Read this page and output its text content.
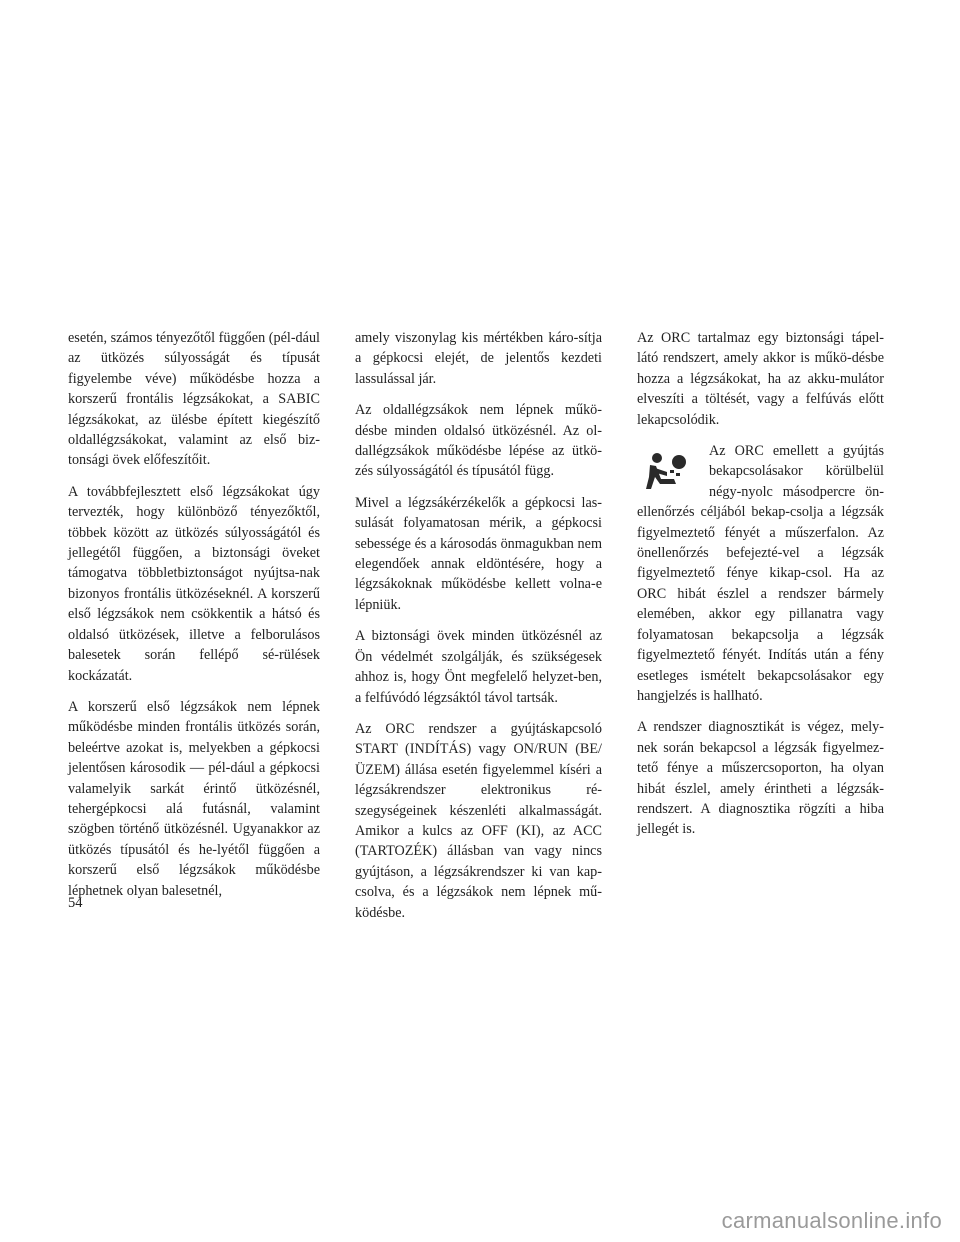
esetén, számos tényezőtől függően (pél-dául az ütközés súlyosságát és típusát figyelembe véve) működésbe hozza a korszerű frontális légzsákokat, a SABIC légzsákokat, az ülésbe épített kiegészítő oldallégzsákokat, valamint az első biz-tonsági övek előfeszítőit.

A továbbfejlesztett első légzsákokat úgy tervezték, hogy különböző tényezőktől, többek között az ütközés súlyosságától és jellegétől függően, a biztonsági öveket támogatva többletbiztonságot nyújtsa-nak bizonyos frontális ütközéseknél. A korszerű első légzsákok nem csökkentik a hátsó és oldalsó ütközések, illetve a felborulásos balesetek során fellépő sé-rülések kockázatát.

A korszerű első légzsákok nem lépnek működésbe minden frontális ütközés során, beleértve azokat is, melyekben a gépkocsi jelentősen károsodik — pél-dául a gépkocsi valamelyik sarkát érintő ütközésnél, tehergépkocsi alá futásnál, valamint szögben történő ütközésnél. Ugyanakkor az ütközés típusától és he-lyétől függően a korszerű első légzsákok működésbe léphetnek olyan balesetnél,

amely viszonylag kis mértékben káro-sítja a gépkocsi elejét, de jelentős kezdeti lassulással jár.

Az oldallégzsákok nem lépnek műkö-désbe minden oldalsó ütközésnél. Az ol-dallégzsákok működésbe lépése az ütkö-zés súlyosságától és típusától függ.

Mivel a légzsákérzékelők a gépkocsi las-sulását folyamatosan mérik, a gépkocsi sebessége és a károsodás önmagukban nem elegendőek annak eldöntésére, hogy a légzsákoknak működésbe kellett volna-e lépniük.

A biztonsági övek minden ütközésnél az Ön védelmét szolgálják, és szükségesek ahhoz is, hogy Önt megfelelő helyzet-ben, a felfúvódó légzsáktól távol tartsák.

Az ORC rendszer a gyújtáskapcsoló START (INDÍTÁS) vagy ON/RUN (BE/ÜZEM) állása esetén figyelemmel kíséri a légzsákrendszer elektronikus ré-szegységeinek készenléti alkalmasságát. Amikor a kulcs az OFF (KI), az ACC (TARTOZÉK) állásban van vagy nincs gyújtáson, a légzsákrendszer ki van kap-csolva, és a légzsákok nem lépnek mű-ködésbe.

Az ORC tartalmaz egy biztonsági tápel-látó rendszert, amely akkor is műkö-désbe hozza a légzsákokat, ha az akku-mulátor elveszíti a töltését, vagy a felfúvás előtt lekapcsolódik.

Az ORC emellett a gyújtás bekapcsolásakor körülbelül négy-nyolc másodpercre ön-ellenőrzés céljából bekap-csolja a légzsák figyelmeztető fényét a műszerfalon. Az önellenőrzés befejezté-vel a légzsák figyelmeztető fénye kikap-csol. Ha az ORC hibát észlel a rendszer bármely elemében, akkor egy pillanatra vagy folyamatosan bekapcsolja a légzsák figyelmeztető fényét. Indítás után a fény esetleges ismételt bekapcsolásakor egy hangjelzés is hallható.

A rendszer diagnosztikát is végez, mely-nek során bekapcsol a légzsák figyelmez-tető fénye a műszercsoporton, ha olyan hibát észlel, amely érintheti a légzsák-rendszert. A diagnosztika rögzíti a hiba jellegét is.

54
carmanualsonline.info
